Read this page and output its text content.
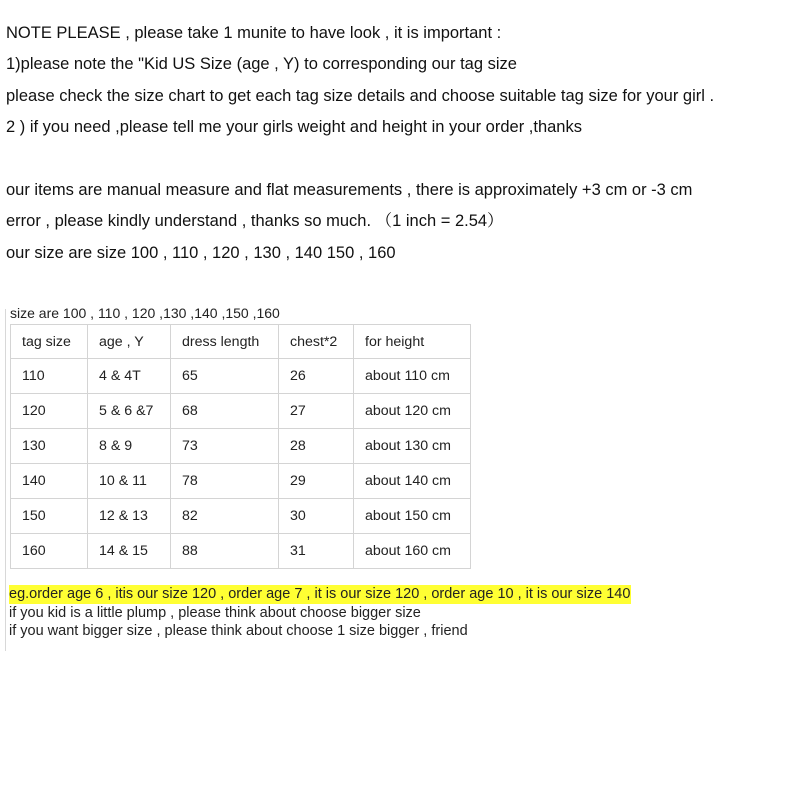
NOTE PLEASE , please take 1 munite to have look , it is important :
1)please note the "Kid US Size (age , Y) to corresponding our tag size
please check the size chart to get each tag size details and choose suitable tag size for your girl .
2 ) if you need ,please tell me your girls weight and height in your order ,thanks
our items are manual measure and flat measurements , there is approximately +3 cm or -3 cm
error , please kindly understand , thanks so much. （1 inch = 2.54）
our size are size 100 , 110 , 120 , 130 , 140 150 , 160
size are 100 , 110 , 120 ,130 ,140 ,150 ,160
tag size	age , Y	dress length	chest*2	for height
110	4 & 4T	65	26	about 110 cm
120	5 & 6 &7	68	27	about 120 cm
130	8 & 9	73	28	about 130 cm
140	10 & 11	78	29	about 140 cm
150	12 & 13	82	30	about 150 cm
160	14 & 15	88	31	about 160 cm
eg.order age 6 , itis our size 120 , order age 7 , it is our size 120 , order age 10 , it is our size 140
if you kid is a little plump , please think about choose bigger size
if you want bigger size , please think about choose 1 size bigger , friend
